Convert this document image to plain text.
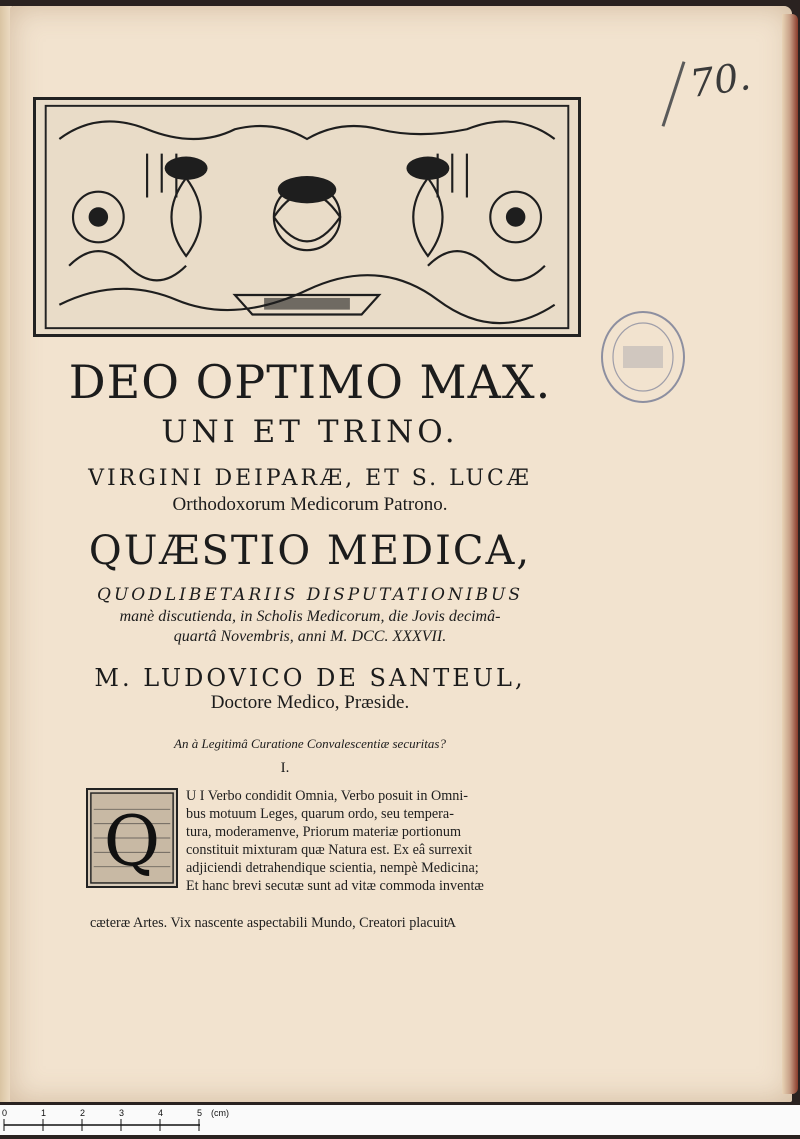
70.
DEO OPTIMO MAX.
UNI ET TRINO.
VIRGINI DEIPARÆ, ET S. LUCÆ
Orthodoxorum Medicorum Patrono.
QUÆSTIO MEDICA,
QUODLIBETARIIS DISPUTATIONIBUS
manè discutienda, in Scholis Medicorum, die Jovis decimâ-
quartâ Novembris, anni M. DCC. XXXVII.
M. LUDOVICO DE SANTEUL,
Doctore Medico, Præside.
An à Legitimâ Curatione Convalescentiæ securitas?
I.
Q
U I Verbo condidit Omnia, Verbo posuit in Omni-
bus motuum Leges, quarum ordo, seu tempera-
tura, moderamenve, Priorum materiæ portionum
constituit mixturam quæ Natura est. Ex eâ surrexit
adjiciendi detrahendique scientia, nempè Medicina;
Et hanc brevi secutæ sunt ad vitæ commoda inventæ
cæteræ Artes. Vix nascente aspectabili Mundo, Creatori placuit
A
0	1	2	3	4	5 (cm)
